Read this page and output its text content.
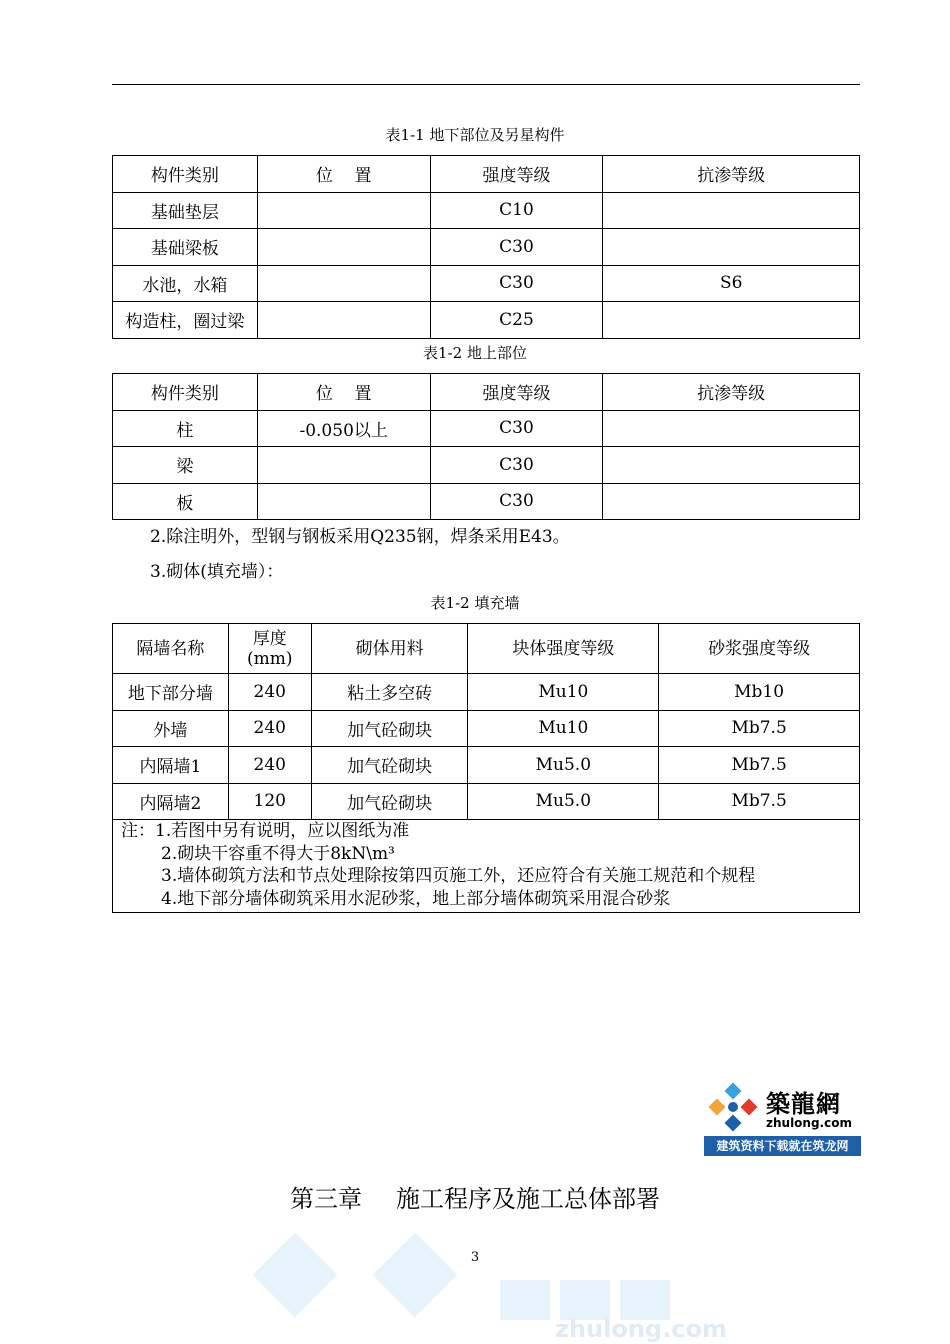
表1-1 地下部位及另星构件
构件类别	位    置	强度等级	抗渗等级
基础垫层		C10	
基础梁板		C30	
水池，水箱		C30	S6
构造柱，圈过梁		C25	
表1-2 地上部位
构件类别	位    置	强度等级	抗渗等级
柱	-0.050以上	C30	
梁		C30	
板		C30	
2.除注明外，型钢与钢板采用Q235钢，焊条采用E43。
3.砌体(填充墙）：
表1-2 填充墙
隔墙名称	厚度
(mm)	砌体用料	块体强度等级	砂浆强度等级
地下部分墙	240	粘土多空砖	Mu10	Mb10
外墙	240	加气砼砌块	Mu10	Mb7.5
内隔墙1	240	加气砼砌块	Mu5.0	Mb7.5
内隔墙2	120	加气砼砌块	Mu5.0	Mb7.5

注：1.若图中另有说明，应以图纸为准
2.砌块干容重不得大于8kN\m³
3.墙体砌筑方法和节点处理除按第四页施工外，还应符合有关施工规范和个规程
4.地下部分墙体砌筑采用水泥砂浆，地上部分墙体砌筑采用混合砂浆				
築龍網
zhulong.com
建筑资料下载就在筑龙网
第三章 施工程序及施工总体部署
zhulong.com
3
